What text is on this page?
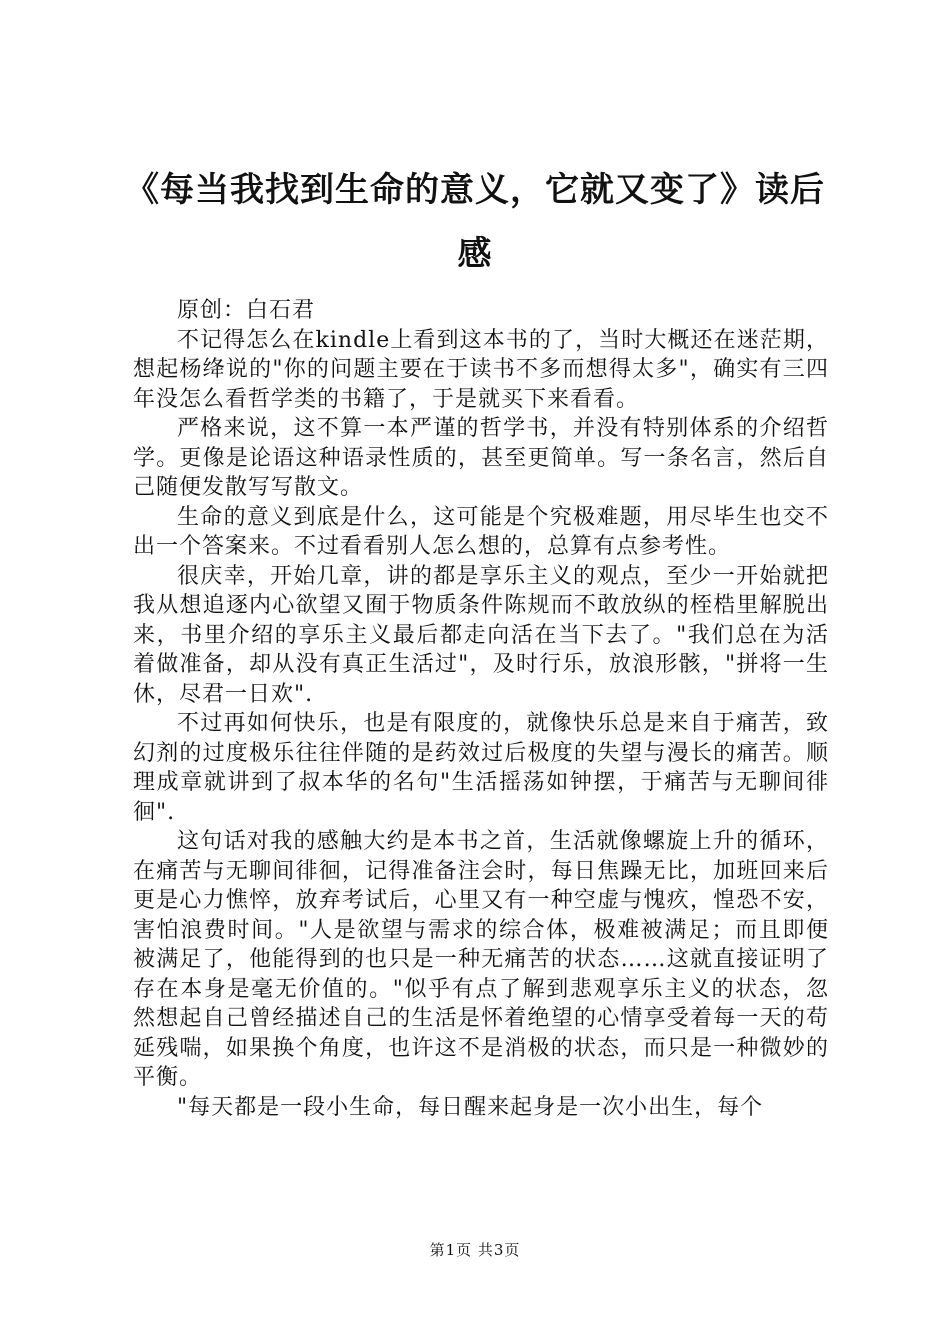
《每当我找到生命的意义，它就又变了》读后感

原创：白石君

不记得怎么在kindle上看到这本书的了，当时大概还在迷茫期，想起杨绛说的"你的问题主要在于读书不多而想得太多"，确实有三四年没怎么看哲学类的书籍了，于是就买下来看看。

严格来说，这不算一本严谨的哲学书，并没有特别体系的介绍哲学。更像是论语这种语录性质的，甚至更简单。写一条名言，然后自己随便发散写写散文。

生命的意义到底是什么，这可能是个究极难题，用尽毕生也交不出一个答案来。不过看看别人怎么想的，总算有点参考性。

很庆幸，开始几章，讲的都是享乐主义的观点，至少一开始就把我从想追逐内心欲望又囿于物质条件陈规而不敢放纵的桎梏里解脱出来，书里介绍的享乐主义最后都走向活在当下去了。"我们总在为活着做准备，却从没有真正生活过"，及时行乐，放浪形骸，"拼将一生休，尽君一日欢".

不过再如何快乐，也是有限度的，就像快乐总是来自于痛苦，致幻剂的过度极乐往往伴随的是药效过后极度的失望与漫长的痛苦。顺理成章就讲到了叔本华的名句"生活摇荡如钟摆，于痛苦与无聊间徘徊".

这句话对我的感触大约是本书之首，生活就像螺旋上升的循环，在痛苦与无聊间徘徊，记得准备注会时，每日焦躁无比，加班回来后更是心力憔悴，放弃考试后，心里又有一种空虚与愧疚，惶恐不安，害怕浪费时间。"人是欲望与需求的综合体，极难被满足；而且即便被满足了，他能得到的也只是一种无痛苦的状态……这就直接证明了存在本身是毫无价值的。"似乎有点了解到悲观享乐主义的状态，忽然想起自己曾经描述自己的生活是怀着绝望的心情享受着每一天的苟延残喘，如果换个角度，也许这不是消极的状态，而只是一种微妙的平衡。

"每天都是一段小生命，每日醒来起身是一次小出生，每个

第1页 共3页
